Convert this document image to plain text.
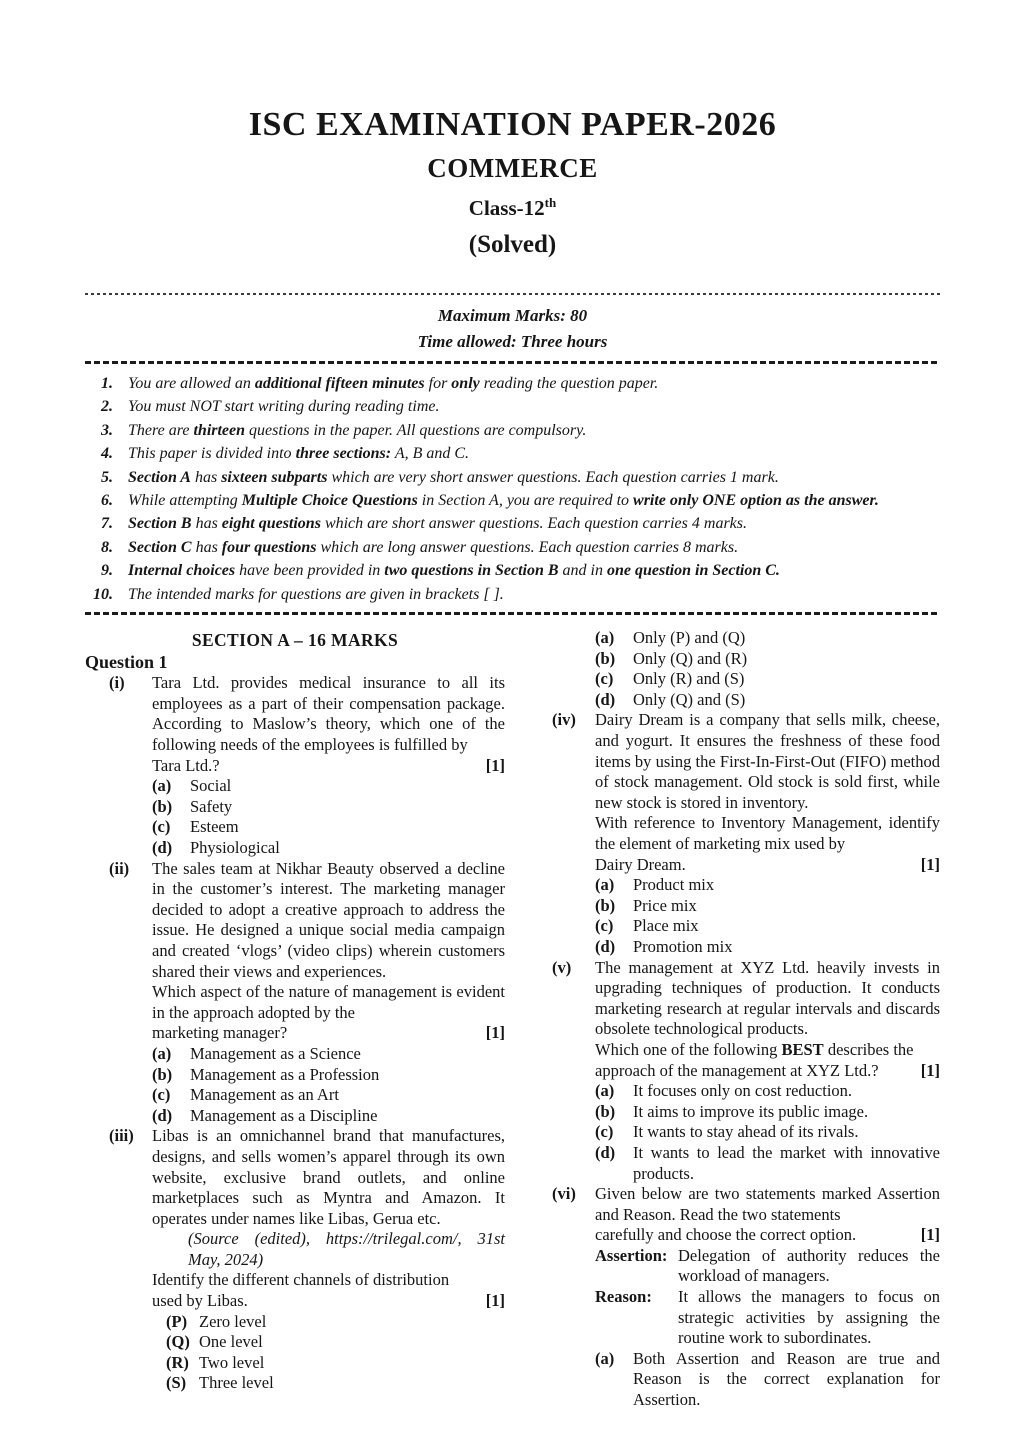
ISC EXAMINATION PAPER-2026
COMMERCE
Class-12th
(Solved)
Maximum Marks: 80
Time allowed: Three hours
1. You are allowed an additional fifteen minutes for only reading the question paper.
2. You must NOT start writing during reading time.
3. There are thirteen questions in the paper. All questions are compulsory.
4. This paper is divided into three sections: A, B and C.
5. Section A has sixteen subparts which are very short answer questions. Each question carries 1 mark.
6. While attempting Multiple Choice Questions in Section A, you are required to write only ONE option as the answer.
7. Section B has eight questions which are short answer questions. Each question carries 4 marks.
8. Section C has four questions which are long answer questions. Each question carries 8 marks.
9. Internal choices have been provided in two questions in Section B and in one question in Section C.
10. The intended marks for questions are given in brackets [ ].
SECTION A – 16 MARKS
Question 1
(i)	Tara Ltd. provides medical insurance to all its employees as a part of their compensation package. According to Maslow’s theory, which one of the following needs of the employees is fulfilled by

Tara Ltd.?	[1]
(a)	Social
(b)	Safety
(c)	Esteem
(d)	Physiological
(ii)	The sales team at Nikhar Beauty observed a decline in the customer’s interest. The marketing manager decided to adopt a creative approach to address the issue. He designed a unique social media campaign and created ‘vlogs’ (video clips) wherein customers shared their views and experiences.

Which aspect of the nature of management is evident in the approach adopted by the

marketing manager?	[1]
(a)	Management as a Science
(b)	Management as a Profession
(c)	Management as an Art
(d)	Management as a Discipline
(iii)	Libas is an omnichannel brand that manufactures, designs, and sells women’s apparel through its own website, exclusive brand outlets, and online marketplaces such as Myntra and Amazon. It operates under names like Libas, Gerua etc.

(Source (edited), https://trilegal.com/, 31st May, 2024)

Identify the different channels of distribution

used by Libas.	[1]
(P) Zero level
(Q) One level
(R) Two level
(S) Three level
(a)	Only (P) and (Q)
(b)	Only (Q) and (R)
(c)	Only (R) and (S)
(d)	Only (Q) and (S)
(iv)	Dairy Dream is a company that sells milk, cheese, and yogurt. It ensures the freshness of these food items by using the First-In-First-Out (FIFO) method of stock management. Old stock is sold first, while new stock is stored in inventory.

With reference to Inventory Management, identify the element of marketing mix used by

Dairy Dream.	[1]
(a)	Product mix
(b)	Price mix
(c)	Place mix
(d)	Promotion mix
(v)	The management at XYZ Ltd. heavily invests in upgrading techniques of production. It conducts marketing research at regular intervals and discards obsolete technological products.

Which one of the following BEST describes the

approach of the management at XYZ Ltd.?	[1]
(a)	It focuses only on cost reduction.
(b)	It aims to improve its public image.
(c)	It wants to stay ahead of its rivals.
(d)	It wants to lead the market with innovative products.
(vi)	Given below are two statements marked Assertion and Reason. Read the two statements

carefully and choose the correct option.	[1]
Assertion: Delegation of authority reduces the workload of managers.
Reason:	It allows the managers to focus on strategic activities by assigning the routine work to subordinates.
(a)	Both Assertion and Reason are true and Reason is the correct explanation for Assertion.
